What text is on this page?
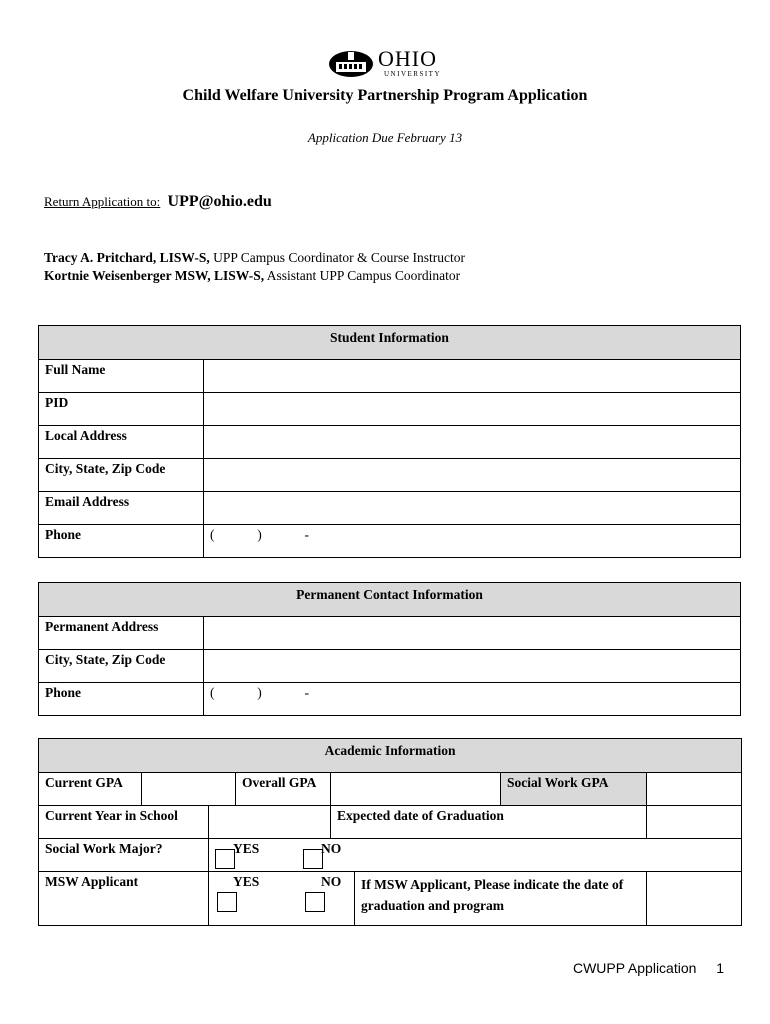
OHIO
UNIVERSITY
Child Welfare University Partnership Program Application
Application Due February 13
Return Application to: UPP@ohio.edu
Tracy A. Pritchard, LISW-S, UPP Campus Coordinator & Course Instructor
Kortnie Weisenberger MSW, LISW-S, Assistant UPP Campus Coordinator
Student Information	
Full Name	
PID	
Local Address	
City, State, Zip Code	
Email Address	
Phone	( ) -
Permanent Contact Information	
Permanent Address	
City, State, Zip Code	
Phone	( ) -
Academic Information							
Current GPA			Overall GPA			Social Work GPA	
Current Year in School				Expected date of Graduation			
Social Work Major?		YES NO					

MSW Applicant		YES NO			If MSW Applicant, Please indicate the date of graduation and program		
CWUPP Application 1
